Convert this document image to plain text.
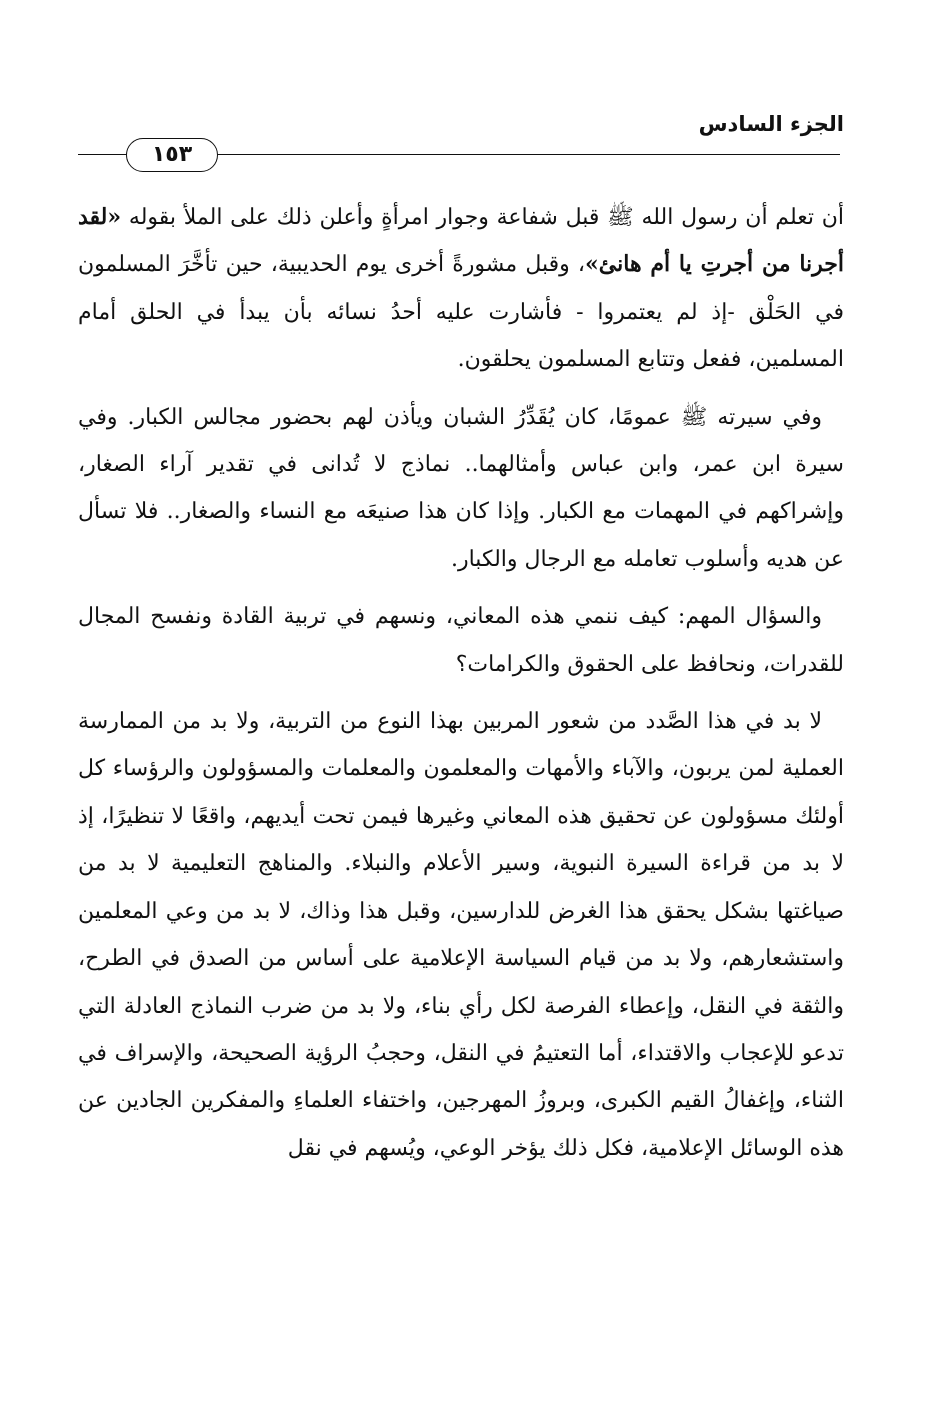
الجزء السادس
١٥٣

أن تعلم أن رسول الله ﷺ قبل شفاعة وجوار امرأةٍ وأعلن ذلك على الملأ بقوله «لقد أجرنا من أجرتِ يا أم هانئ»، وقبل مشورةً أخرى يوم الحديبية، حين تأخَّرَ المسلمون في الحَلْق -إذ لم يعتمروا - فأشارت عليه أحدُ نسائه بأن يبدأ في الحلق أمام المسلمين، ففعل وتتابع المسلمون يحلقون.

وفي سيرته ﷺ عمومًا، كان يُقَدِّرُ الشبان ويأذن لهم بحضور مجالس الكبار. وفي سيرة ابن عمر، وابن عباس وأمثالهما.. نماذج لا تُدانى في تقدير آراء الصغار، وإشراكهم في المهمات مع الكبار. وإذا كان هذا صنيعَه مع النساء والصغار.. فلا تسأل عن هديه وأسلوب تعامله مع الرجال والكبار.

والسؤال المهم: كيف ننمي هذه المعاني، ونسهم في تربية القادة ونفسح المجال للقدرات، ونحافظ على الحقوق والكرامات؟

لا بد في هذا الصَّدد من شعور المربين بهذا النوع من التربية، ولا بد من الممارسة العملية لمن يربون، والآباء والأمهات والمعلمون والمعلمات والمسؤولون والرؤساء كل أولئك مسؤولون عن تحقيق هذه المعاني وغيرها فيمن تحت أيديهم، واقعًا لا تنظيرًا، إذ لا بد من قراءة السيرة النبوية، وسير الأعلام والنبلاء. والمناهج التعليمية لا بد من صياغتها بشكل يحقق هذا الغرض للدارسين، وقبل هذا وذاك، لا بد من وعي المعلمين واستشعارهم، ولا بد من قيام السياسة الإعلامية على أساس من الصدق في الطرح، والثقة في النقل، وإعطاء الفرصة لكل رأي بناء، ولا بد من ضرب النماذج العادلة التي تدعو للإعجاب والاقتداء، أما التعتيمُ في النقل، وحجبُ الرؤية الصحيحة، والإسراف في الثناء، وإغفالُ القيم الكبرى، وبروزُ المهرجين، واختفاء العلماءِ والمفكرين الجادين عن هذه الوسائل الإعلامية، فكل ذلك يؤخر الوعي، ويُسهم في نقل
